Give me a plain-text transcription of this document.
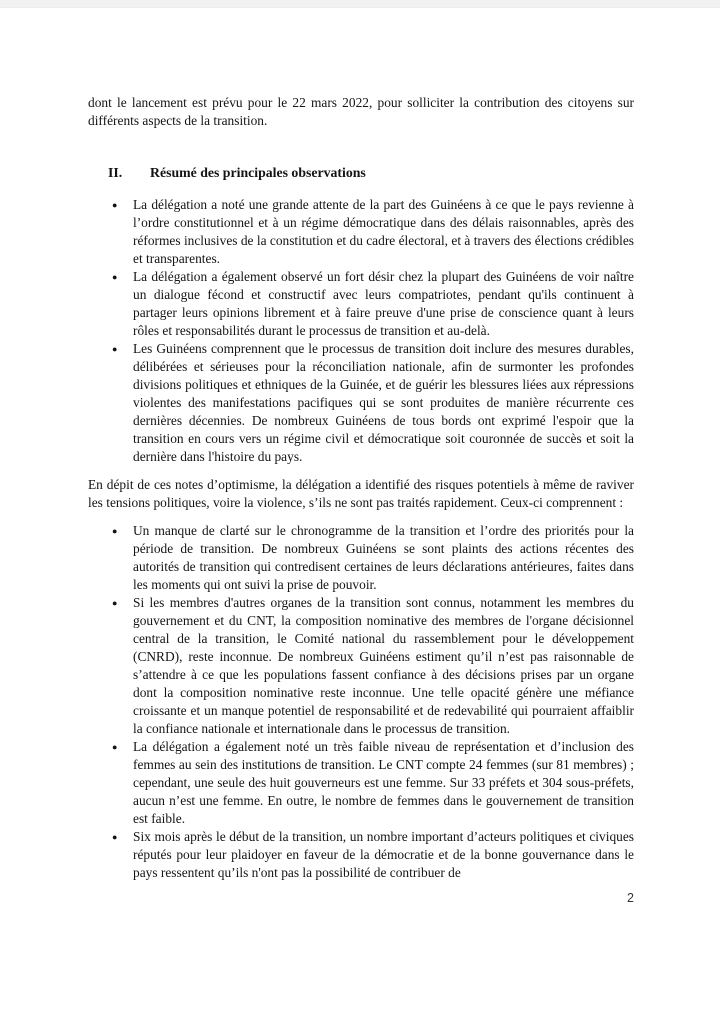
dont le lancement est prévu pour le 22 mars 2022, pour solliciter la contribution des citoyens sur différents aspects de la transition.

II. Résumé des principales observations
● La délégation a noté une grande attente de la part des Guinéens à ce que le pays revienne à l’ordre constitutionnel et à un régime démocratique dans des délais raisonnables, après des réformes inclusives de la constitution et du cadre électoral, et à travers des élections crédibles et transparentes.
● La délégation a également observé un fort désir chez la plupart des Guinéens de voir naître un dialogue fécond et constructif avec leurs compatriotes, pendant qu'ils continuent à partager leurs opinions librement et à faire preuve d'une prise de conscience quant à leurs rôles et responsabilités durant le processus de transition et au-delà.
● Les Guinéens comprennent que le processus de transition doit inclure des mesures durables, délibérées et sérieuses pour la réconciliation nationale, afin de surmonter les profondes divisions politiques et ethniques de la Guinée, et de guérir les blessures liées aux répressions violentes des manifestations pacifiques qui se sont produites de manière récurrente ces dernières décennies. De nombreux Guinéens de tous bords ont exprimé l'espoir que la transition en cours vers un régime civil et démocratique soit couronnée de succès et soit la dernière dans l'histoire du pays.

En dépit de ces notes d’optimisme, la délégation a identifié des risques potentiels à même de raviver les tensions politiques, voire la violence, s’ils ne sont pas traités rapidement. Ceux-ci comprennent :

● Un manque de clarté sur le chronogramme de la transition et l’ordre des priorités pour la période de transition. De nombreux Guinéens se sont plaints des actions récentes des autorités de transition qui contredisent certaines de leurs déclarations antérieures, faites dans les moments qui ont suivi la prise de pouvoir.
● Si les membres d'autres organes de la transition sont connus, notamment les membres du gouvernement et du CNT, la composition nominative des membres de l'organe décisionnel central de la transition, le Comité national du rassemblement pour le développement (CNRD), reste inconnue. De nombreux Guinéens estiment qu’il n’est pas raisonnable de s’attendre à ce que les populations fassent confiance à des décisions prises par un organe dont la composition nominative reste inconnue. Une telle opacité génère une méfiance croissante et un manque potentiel de responsabilité et de redevabilité qui pourraient affaiblir la confiance nationale et internationale dans le processus de transition.
● La délégation a également noté un très faible niveau de représentation et d’inclusion des femmes au sein des institutions de transition. Le CNT compte 24 femmes (sur 81 membres) ; cependant, une seule des huit gouverneurs est une femme. Sur 33 préfets et 304 sous-préfets, aucun n’est une femme. En outre, le nombre de femmes dans le gouvernement de transition est faible.
● Six mois après le début de la transition, un nombre important d’acteurs politiques et civiques réputés pour leur plaidoyer en faveur de la démocratie et de la bonne gouvernance dans le pays ressentent qu’ils n'ont pas la possibilité de contribuer de
2
